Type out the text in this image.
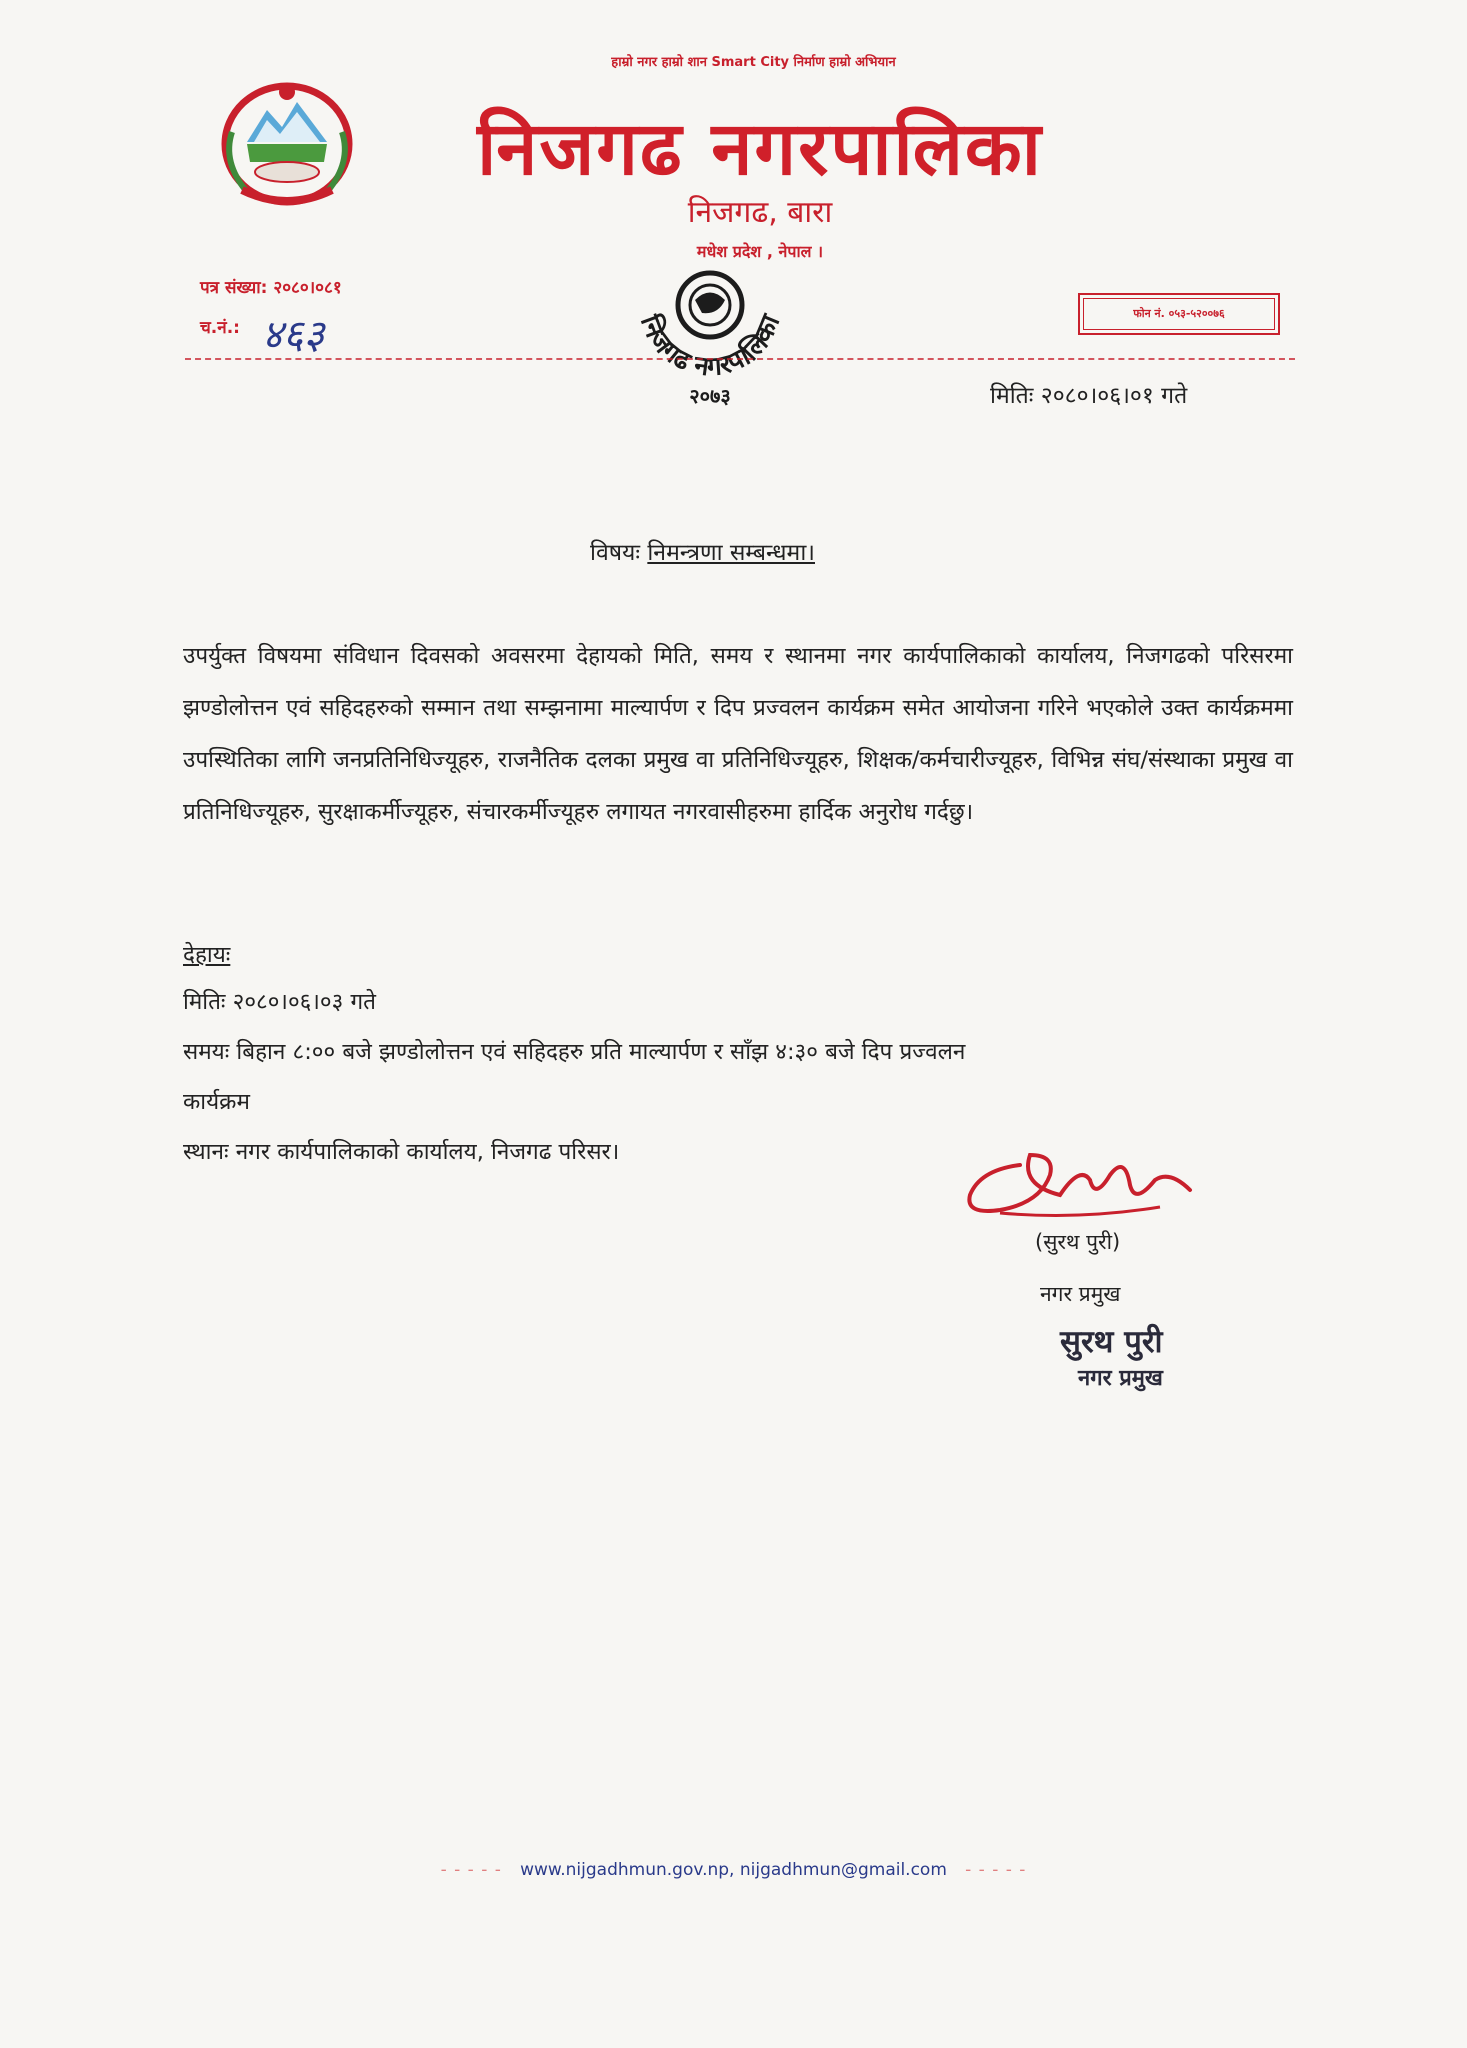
हाम्रो नगर हाम्रो शान Smart City निर्माण हाम्रो अभियान
निजगढ नगरपालिका
निजगढ, बारा
मधेश प्रदेश , नेपाल ।
पत्र संख्या: २०८०।०८१
च.नं.: ४६३	निजगढ नगरपालिका
२०७३
फोन नं. ०५३-५२००७६
मितिः २०८०।०६।०१ गते
विषयः निमन्त्रणा सम्बन्धमा।
उपर्युक्त विषयमा संविधान दिवसको अवसरमा देहायको मिति, समय र स्थानमा नगर कार्यपालिकाको कार्यालय, निजगढको परिसरमा झण्डोलोत्तन एवं सहिदहरुको सम्मान तथा सम्झनामा माल्यार्पण र दिप प्रज्वलन कार्यक्रम समेत आयोजना गरिने भएकोले उक्त कार्यक्रममा उपस्थितिका लागि जनप्रतिनिधिज्यूहरु, राजनैतिक दलका प्रमुख वा प्रतिनिधिज्यूहरु, शिक्षक/कर्मचारीज्यूहरु, विभिन्न संघ/संस्थाका प्रमुख वा प्रतिनिधिज्यूहरु, सुरक्षाकर्मीज्यूहरु, संचारकर्मीज्यूहरु लगायत नगरवासीहरुमा हार्दिक अनुरोध गर्दछु।
देहायः
मितिः २०८०।०६।०३ गते
समयः बिहान ८:०० बजे झण्डोलोत्तन एवं सहिदहरु प्रति माल्यार्पण र साँझ ४:३० बजे दिप प्रज्वलन
कार्यक्रम
स्थानः नगर कार्यपालिकाको कार्यालय, निजगढ परिसर।
(सुरथ पुरी)
नगर प्रमुख
सुरथ पुरी
नगर प्रमुख
- - - - -   www.nijgadhmun.gov.np, nijgadhmun@gmail.com   - - - - -
